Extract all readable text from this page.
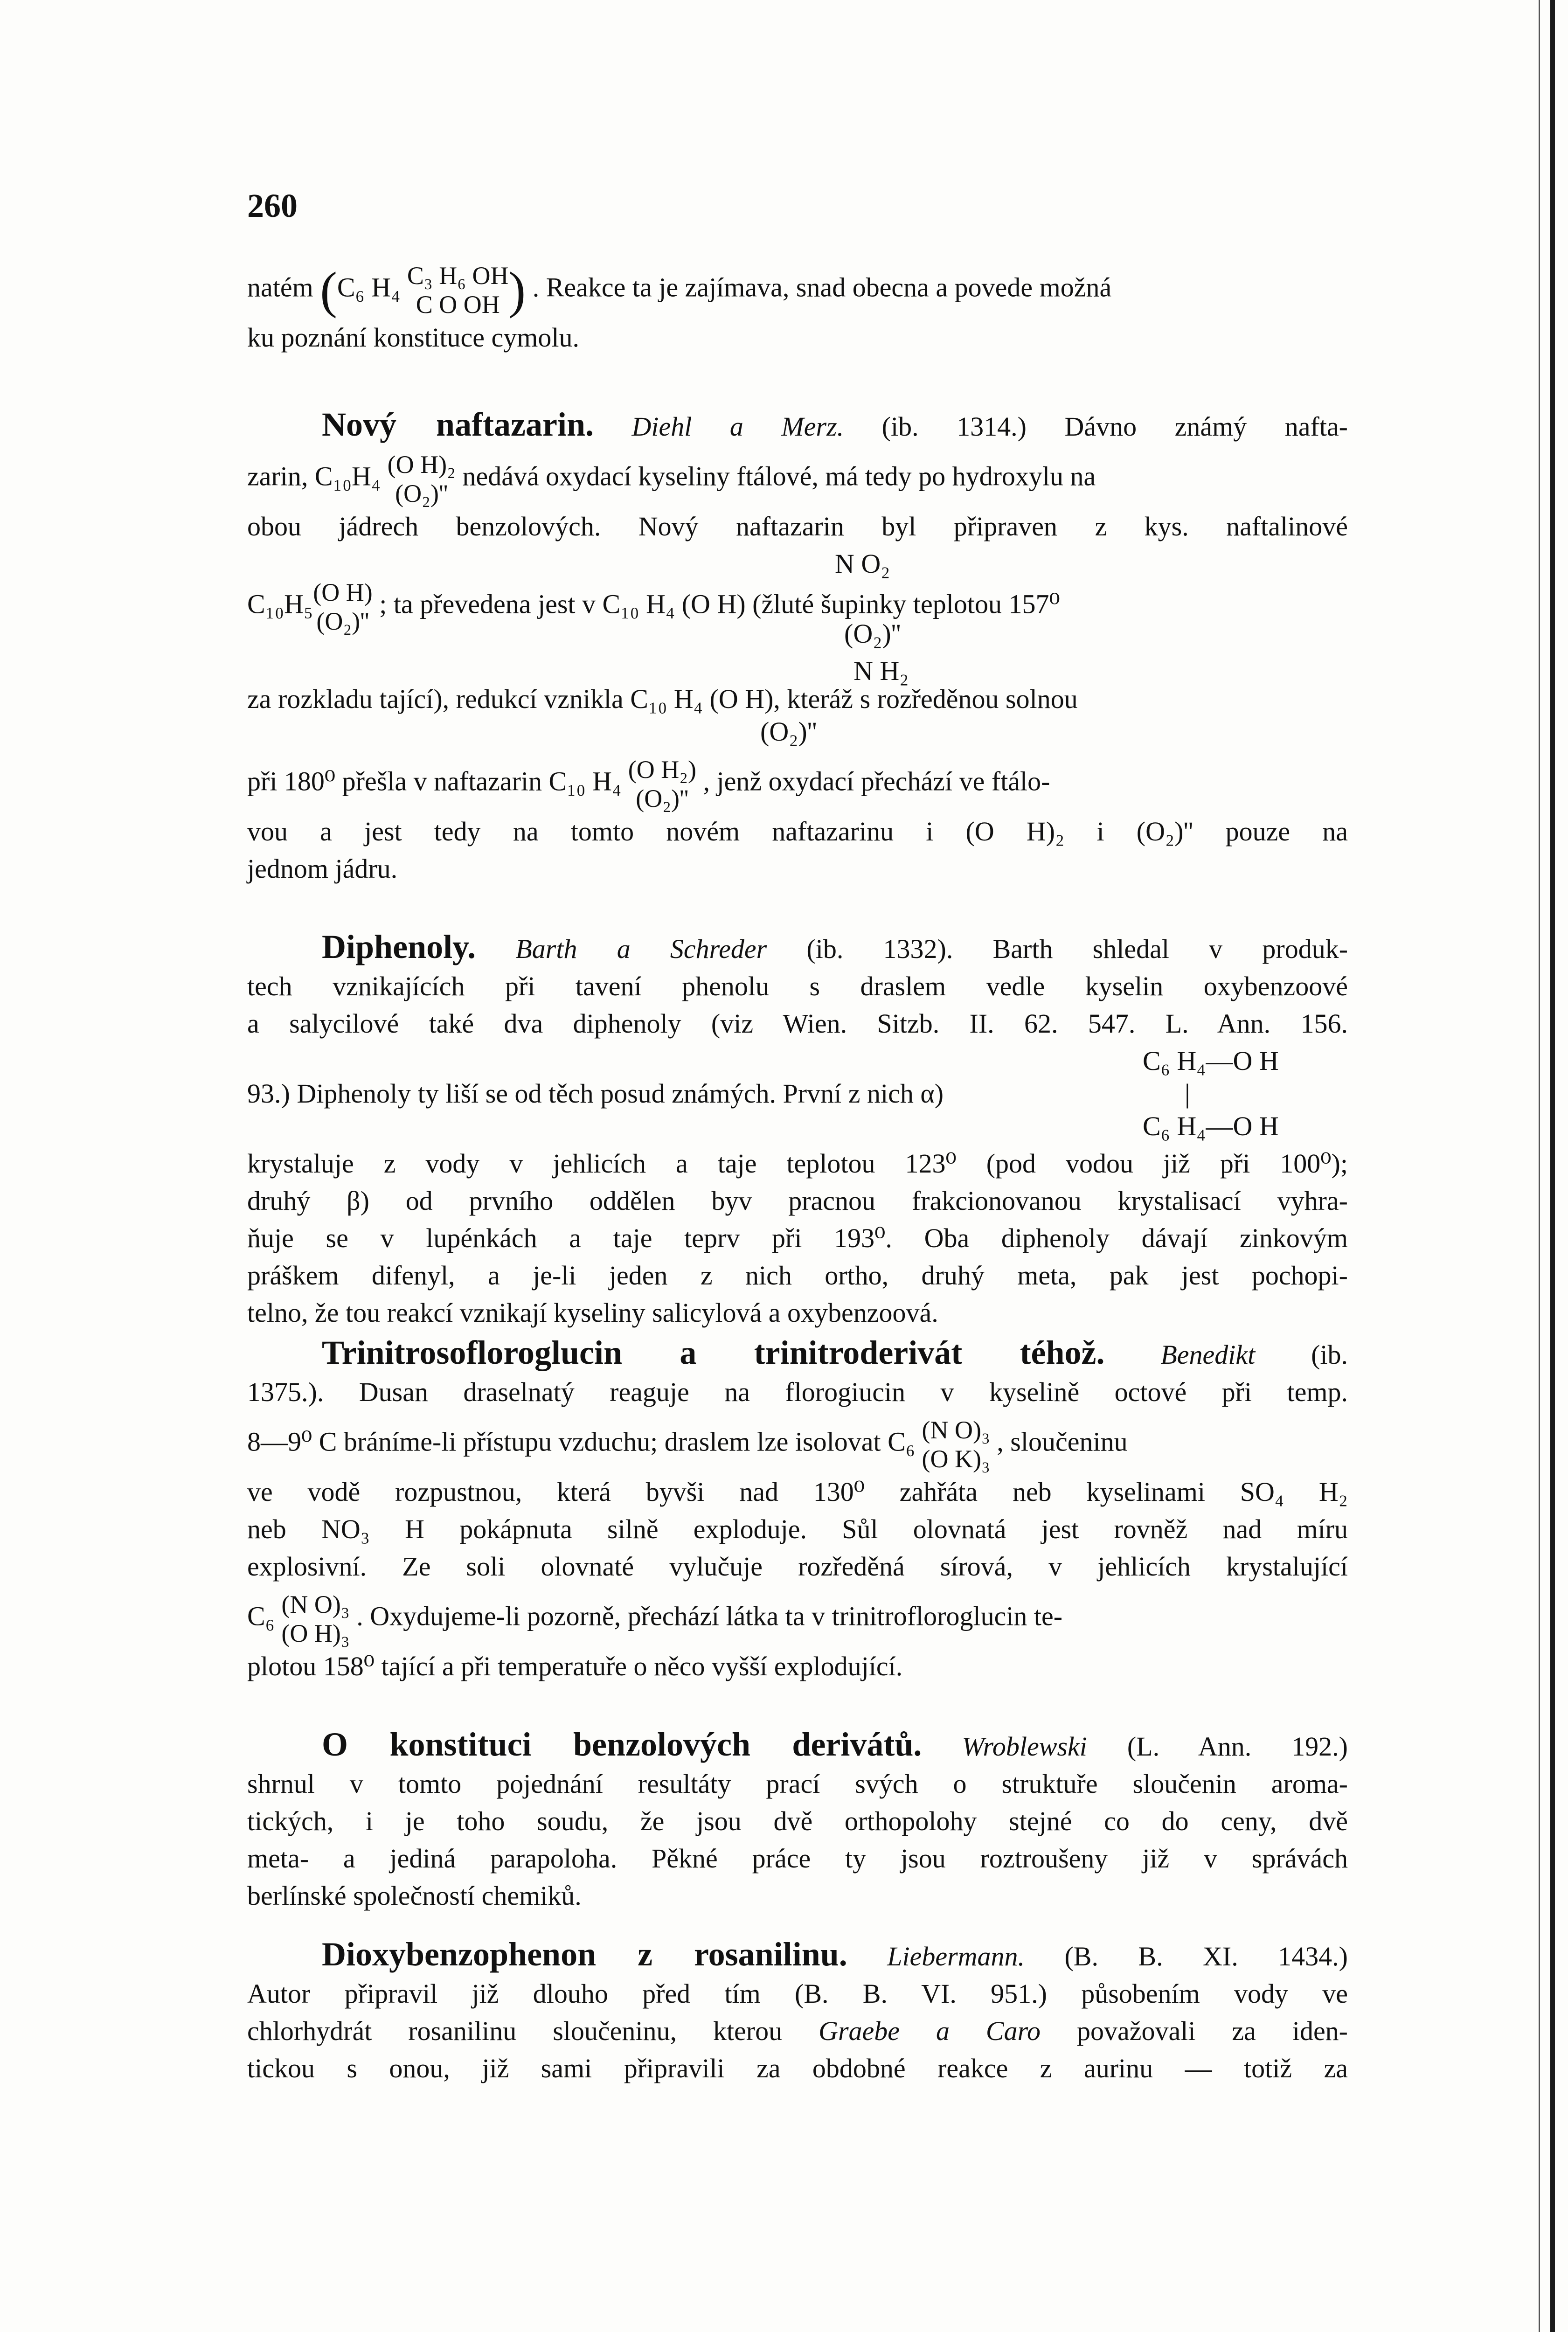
260
natém (C₆ H₄ C₃ H₆ OH
C O OH ) . Reakce ta je zajímava, snad obecna a povede možná
ku poznání konstituce cymolu.
Nový naftazarin. Diehl a Merz. (ib. 1314.) Dávno známý nafta-
zarin, C₁₀H₄ (O H)₂
(O₂)'' nedává oxydací kyseliny ftálové, má tedy po hydroxylu na
obou jádrech benzolových. Nový naftazarin byl připraven z kys. naftalinové
N O₂
C₁₀H₅(O H)
(O₂)'' ; ta převedena jest v C₁₀ H₄ (O H) (žluté šupinky teplotou 157⁰
(O₂)''
N H₂
za rozkladu tající), redukcí vznikla C₁₀ H₄ (O H), kteráž s rozředěnou solnou
(O₂)''
při 180⁰ přešla v naftazarin C₁₀ H₄ (O H₂)
(O₂)'' , jenž oxydací přechází ve ftálo-
vou a jest tedy na tomto novém naftazarinu i (O H)₂ i (O₂)'' pouze na
jednom jádru.
Diphenoly. Barth a Schreder (ib. 1332). Barth shledal v produk-
tech vznikajících při tavení phenolu s draslem vedle kyselin oxybenzoové
a salycilové také dva diphenoly (viz Wien. Sitzb. II. 62. 547. L. Ann. 156.
C₆ H₄—O H
93.) Diphenoly ty liší se od těch posud známých. První z nich α)	|
C₆ H₄—O H
krystaluje z vody v jehlicích a taje teplotou 123⁰ (pod vodou již při 100⁰);
druhý β) od prvního oddělen byv pracnou frakcionovanou krystalisací vyhra-
ňuje se v lupénkách a taje teprv při 193⁰. Oba diphenoly dávají zinkovým
práškem difenyl, a je-li jeden z nich ortho, druhý meta, pak jest pochopi-
telno, že tou reakcí vznikají kyseliny salicylová a oxybenzoová.
Trinitrosofloroglucin a trinitroderivát téhož. Benedikt (ib.
1375.). Dusan draselnatý reaguje na florogiucin v kyselině octové při temp.
8—9⁰ C bráníme-li přístupu vzduchu; draslem lze isolovat C₆ (N O)₃
(O K)₃ , sloučeninu
ve vodě rozpustnou, která byvši nad 130⁰ zahřáta neb kyselinami SO₄ H₂
neb NO₃ H pokápnuta silně exploduje. Sůl olovnatá jest rovněž nad míru
explosivní. Ze soli olovnaté vylučuje rozředěná sírová, v jehlicích krystalující
C₆ (N O)₃
(O H)₃ . Oxydujeme-li pozorně, přechází látka ta v trinitrofloroglucin te-
plotou 158⁰ tající a při temperatuře o něco vyšší explodující.
O konstituci benzolových derivátů. Wroblewski (L. Ann. 192.)
shrnul v tomto pojednání resultáty prací svých o struktuře sloučenin aroma-
tických, i je toho soudu, že jsou dvě orthopolohy stejné co do ceny, dvě
meta- a jediná parapoloha. Pěkné práce ty jsou roztroušeny již v správách
berlínské společností chemiků.
Dioxybenzophenon z rosanilinu. Liebermann. (B. B. XI. 1434.)
Autor připravil již dlouho před tím (B. B. VI. 951.) působením vody ve
chlorhydrát rosanilinu sloučeninu, kterou Graebe a Caro považovali za iden-
tickou s onou, již sami připravili za obdobné reakce z aurinu — totiž za
